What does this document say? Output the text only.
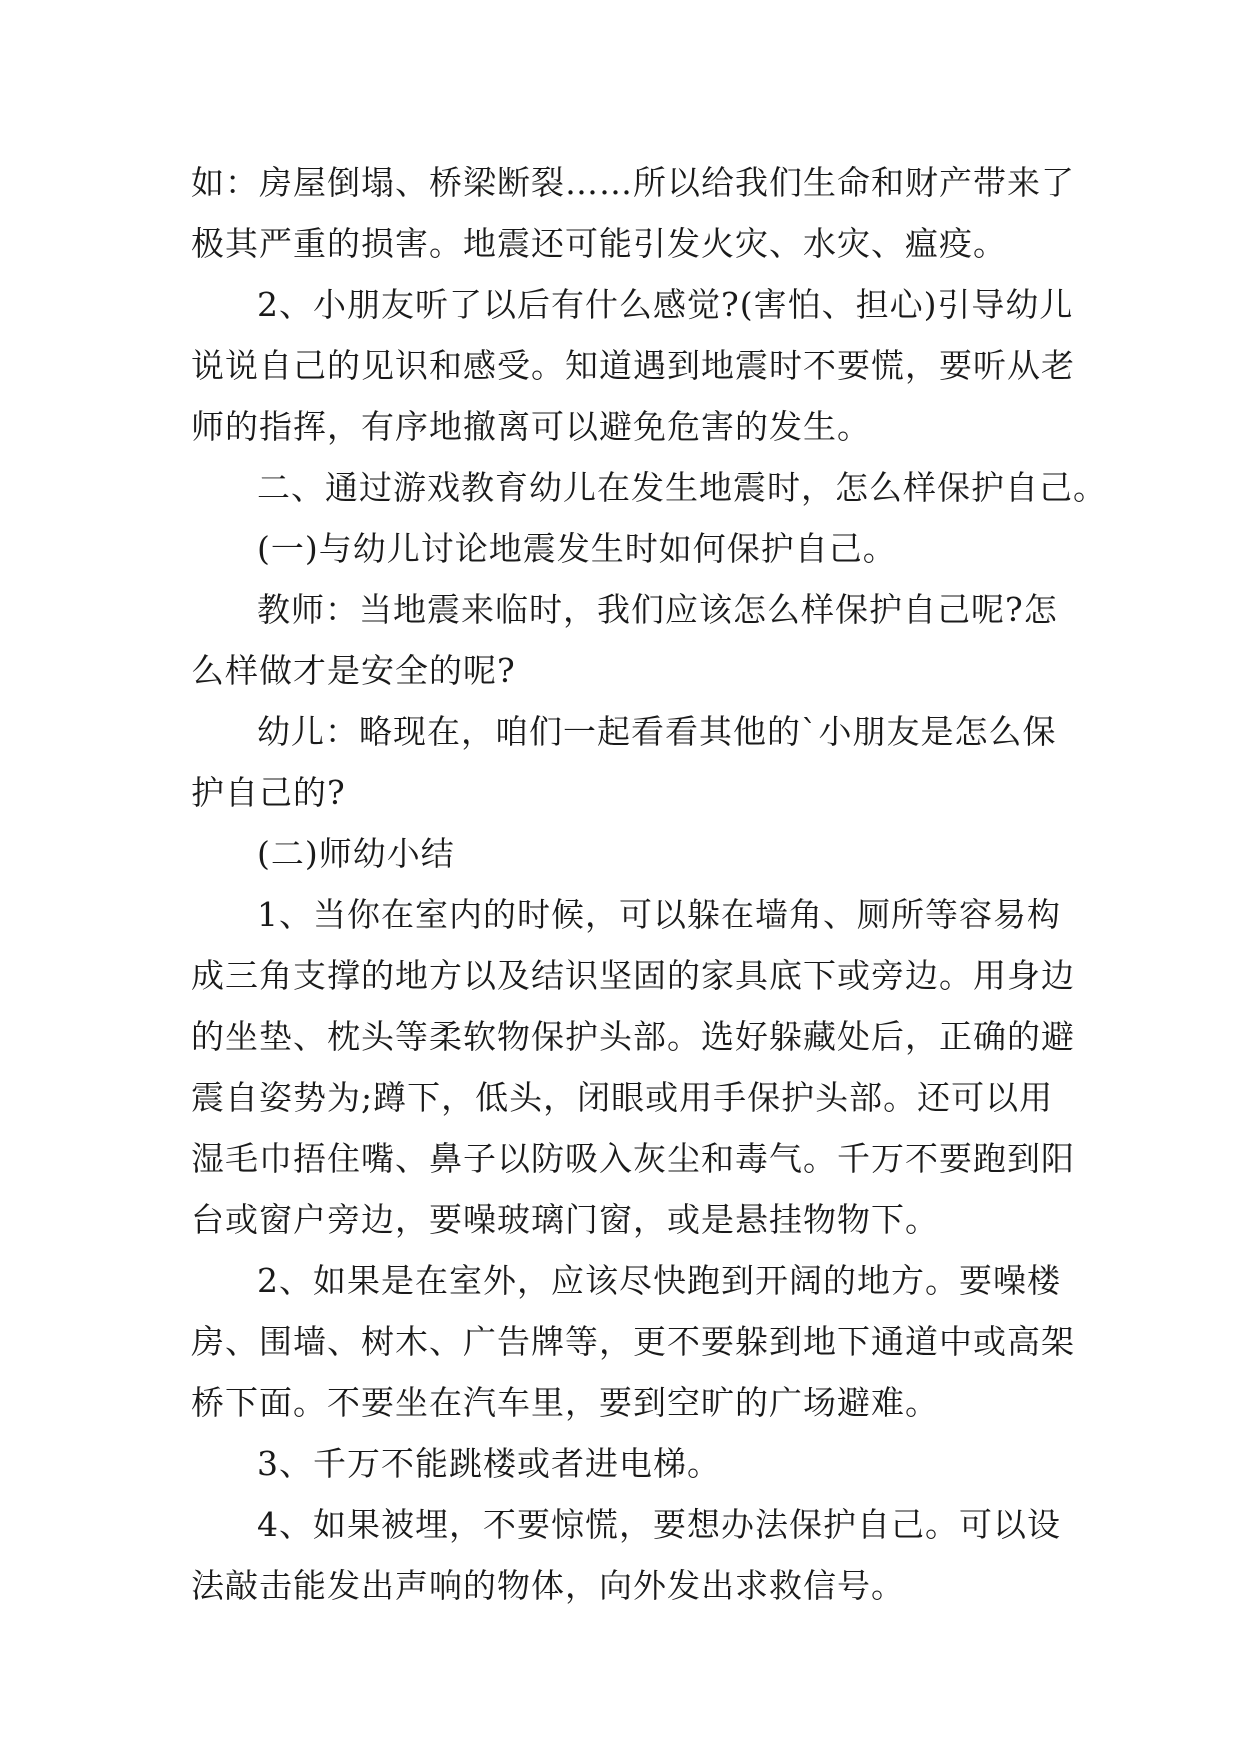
如：房屋倒塌、桥梁断裂……所以给我们生命和财产带来了
极其严重的损害。地震还可能引发火灾、水灾、瘟疫。
2、小朋友听了以后有什么感觉?(害怕、担心)引导幼儿
说说自己的见识和感受。知道遇到地震时不要慌，要听从老
师的指挥，有序地撤离可以避免危害的发生。
二、通过游戏教育幼儿在发生地震时，怎么样保护自己。
(一)与幼儿讨论地震发生时如何保护自己。
教师：当地震来临时，我们应该怎么样保护自己呢?怎
么样做才是安全的呢?
幼儿：略现在，咱们一起看看其他的`小朋友是怎么保
护自己的?
(二)师幼小结
1、当你在室内的时候，可以躲在墙角、厕所等容易构
成三角支撑的地方以及结识坚固的家具底下或旁边。用身边
的坐垫、枕头等柔软物保护头部。选好躲藏处后，正确的避
震自姿势为;蹲下，低头，闭眼或用手保护头部。还可以用
湿毛巾捂住嘴、鼻子以防吸入灰尘和毒气。千万不要跑到阳
台或窗户旁边，要噪玻璃门窗，或是悬挂物物下。
2、如果是在室外，应该尽快跑到开阔的地方。要噪楼
房、围墙、树木、广告牌等，更不要躲到地下通道中或高架
桥下面。不要坐在汽车里，要到空旷的广场避难。
3、千万不能跳楼或者进电梯。
4、如果被埋，不要惊慌，要想办法保护自己。可以设
法敲击能发出声响的物体，向外发出求救信号。
